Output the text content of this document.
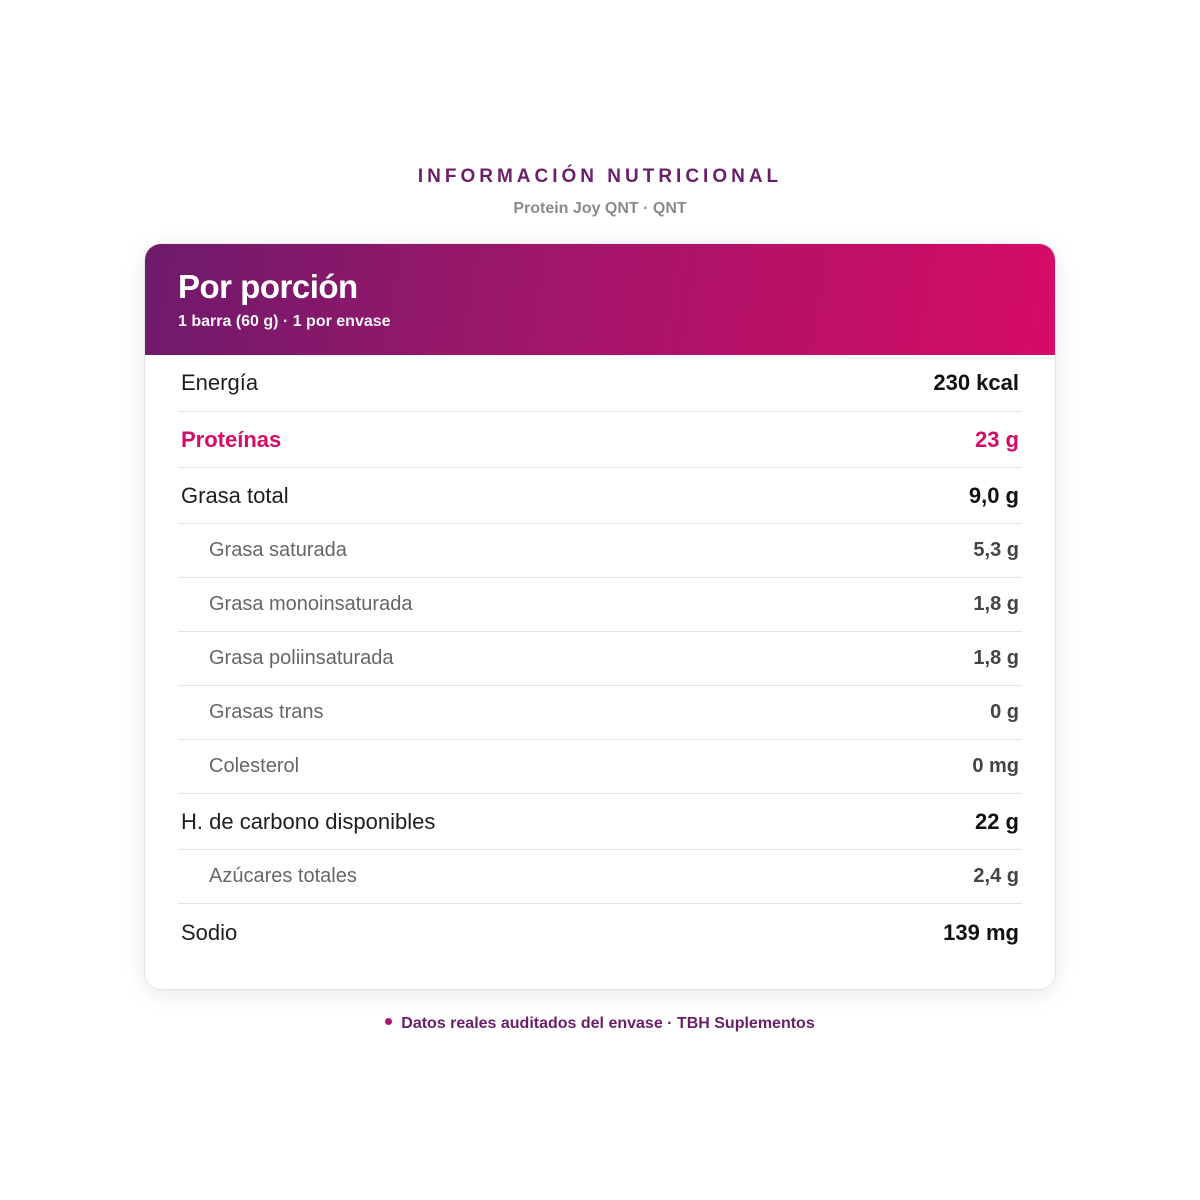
INFORMACIÓN NUTRICIONAL
Protein Joy QNT · QNT
Por porción
1 barra (60 g) · 1 por envase
Energía	230 kcal
Proteínas	23 g
Grasa total	9,0 g
Grasa saturada	5,3 g
Grasa monoinsaturada	1,8 g
Grasa poliinsaturada	1,8 g
Grasas trans	0 g
Colesterol	0 mg
H. de carbono disponibles	22 g
Azúcares totales	2,4 g
Sodio	139 mg
Datos reales auditados del envase · TBH Suplementos
